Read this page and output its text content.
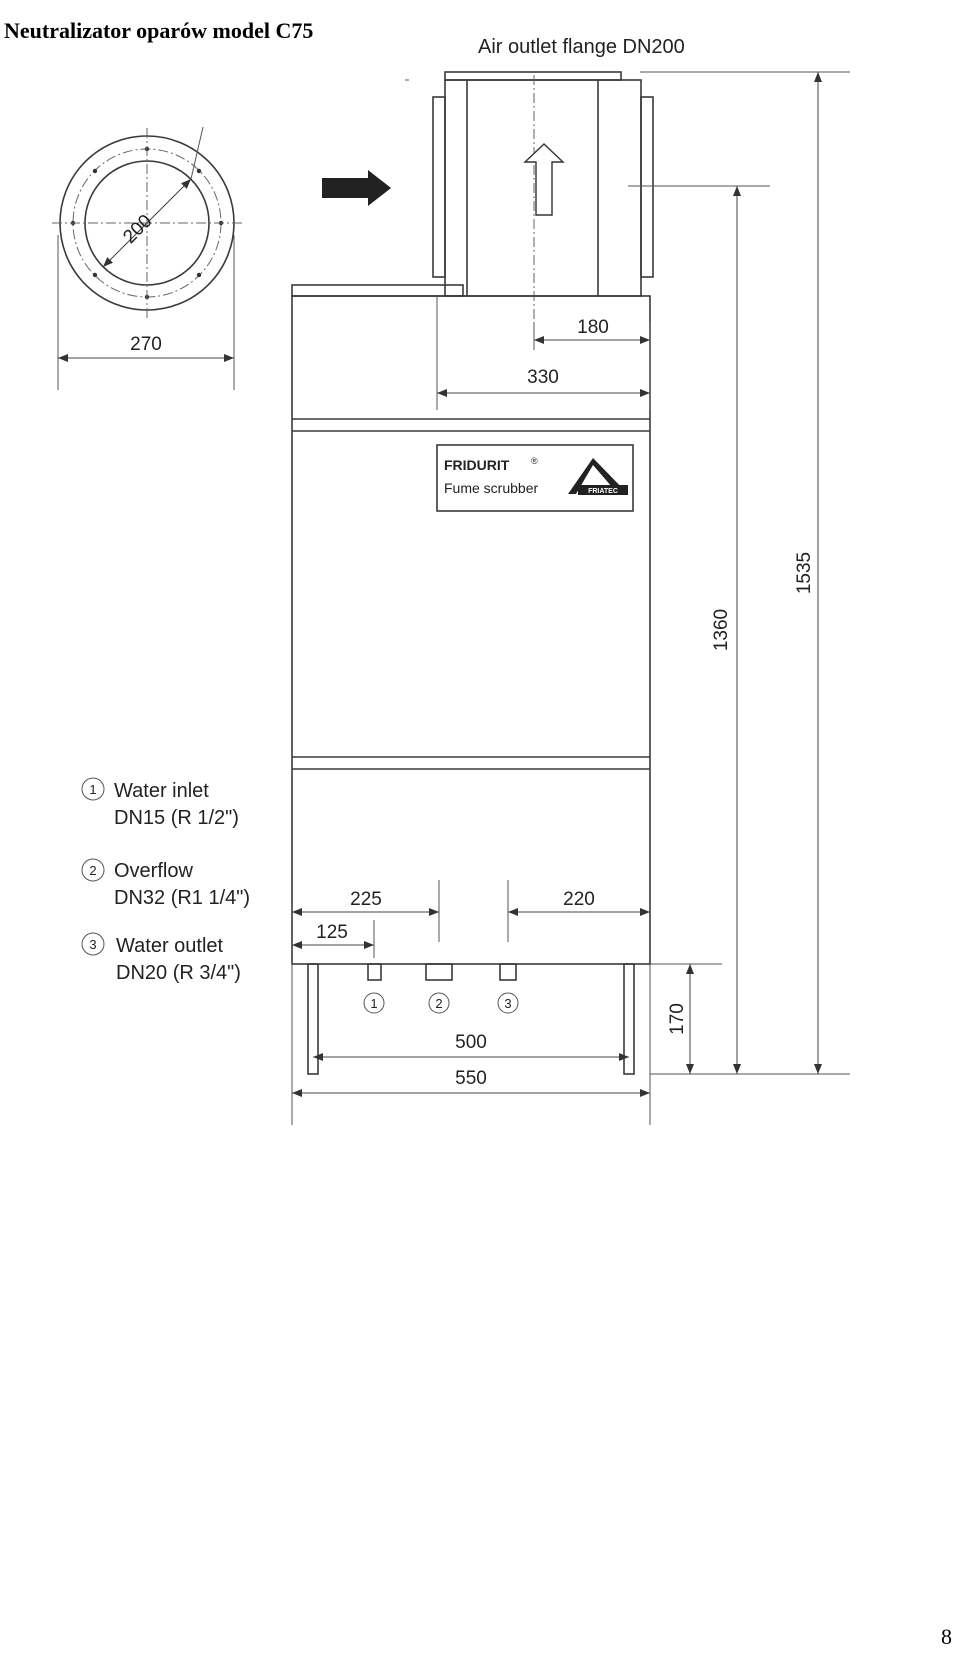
Neutralizator oparów model C75
200
270
Air outlet flange DN200
FRIDURIT ®
Fume scrubber	FRIATEC
1	2	3
180
330
1535
1360
170
225	220
125
500
550
1 Water inlet
DN15 (R 1/2")
2 Overflow
DN32 (R1 1/4")
3 Water outlet
DN20 (R 3/4")
8
